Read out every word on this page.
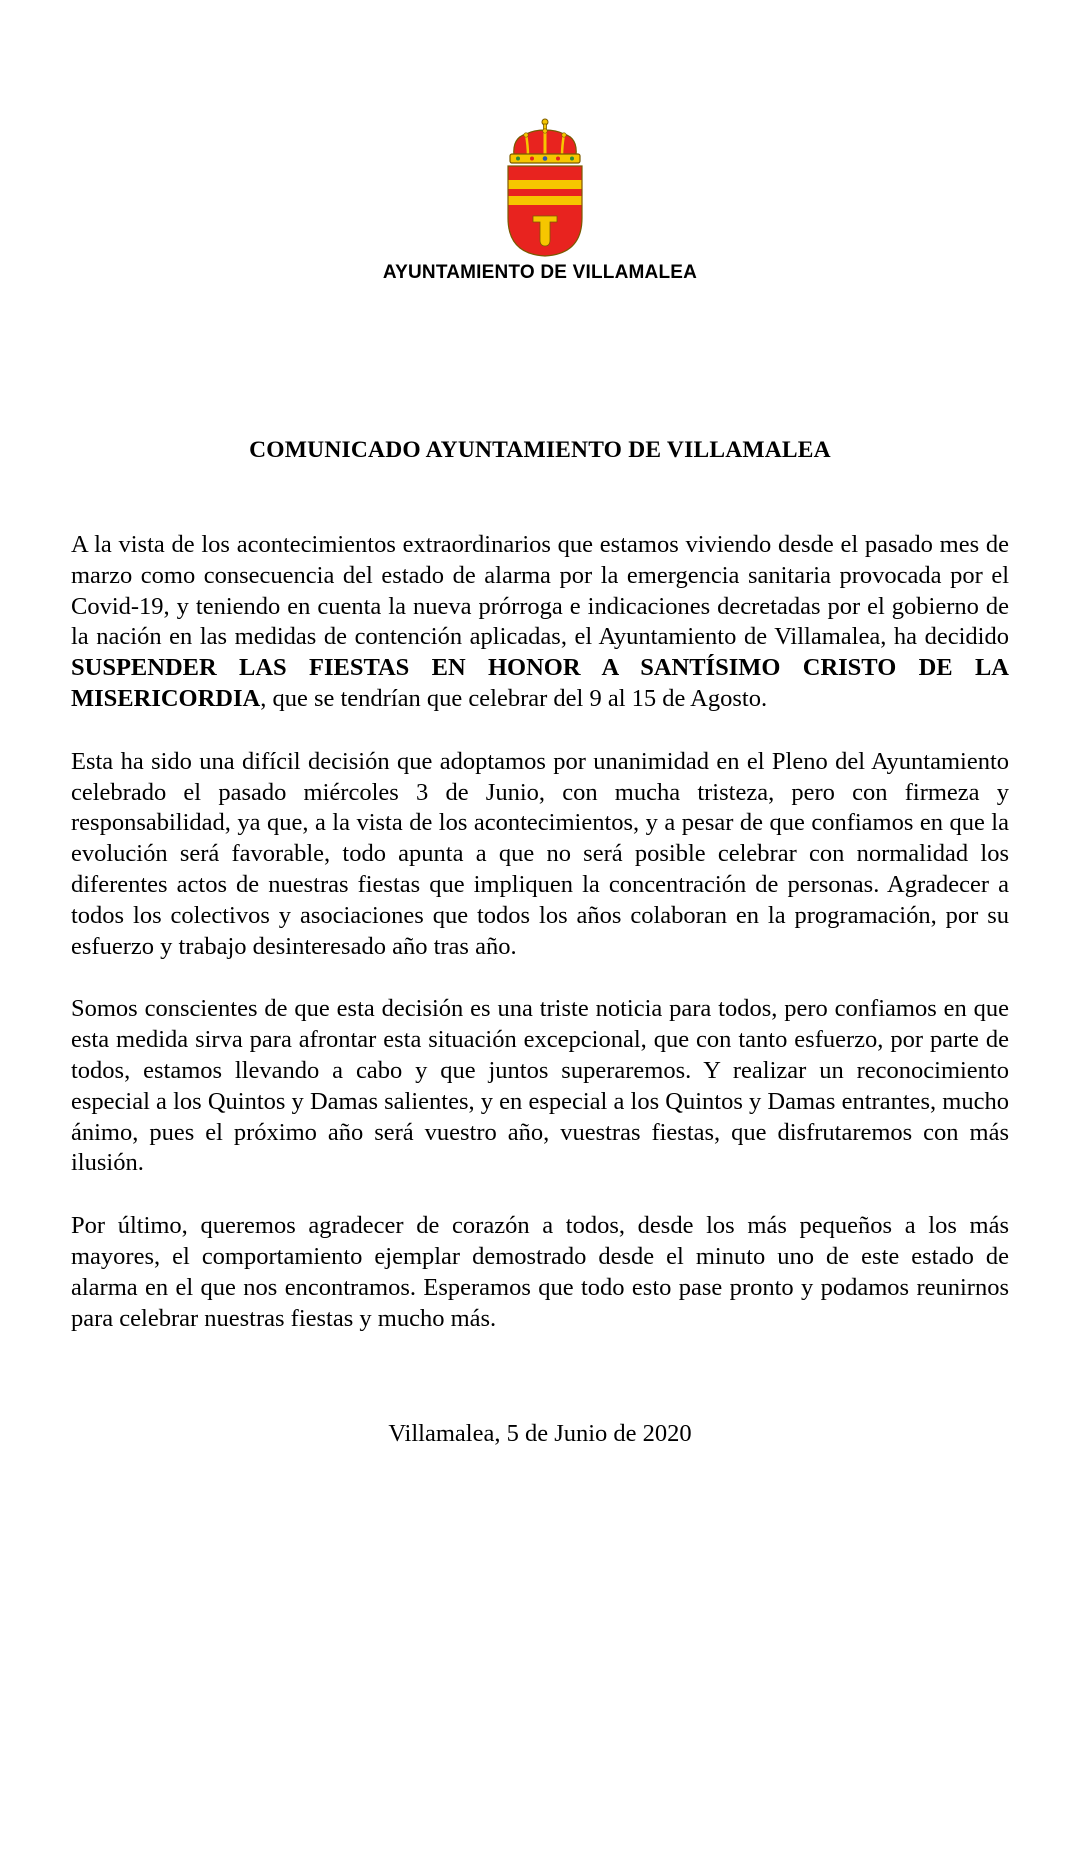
AYUNTAMIENTO DE VILLAMALEA
COMUNICADO AYUNTAMIENTO DE VILLAMALEA

A la vista de los acontecimientos extraordinarios que estamos viviendo desde el pasado mes de marzo como consecuencia del estado de alarma por la emergencia sanitaria provocada por el Covid-19, y teniendo en cuenta la nueva prórroga e indicaciones decretadas por el gobierno de la nación en las medidas de contención aplicadas, el Ayuntamiento de Villamalea, ha decidido SUSPENDER LAS FIESTAS EN HONOR A SANTÍSIMO CRISTO DE LA MISERICORDIA, que se tendrían que celebrar del 9 al 15 de Agosto.

Esta ha sido una difícil decisión que adoptamos por unanimidad en el Pleno del Ayuntamiento celebrado el pasado miércoles 3 de Junio, con mucha tristeza, pero con firmeza y responsabilidad, ya que, a la vista de los acontecimientos, y a pesar de que confiamos en que la evolución será favorable, todo apunta a que no será posible celebrar con normalidad los diferentes actos de nuestras fiestas que impliquen la concentración de personas. Agradecer a todos los colectivos y asociaciones que todos los años colaboran en la programación, por su esfuerzo y trabajo desinteresado año tras año.

Somos conscientes de que esta decisión es una triste noticia para todos, pero confiamos en que esta medida sirva para afrontar esta situación excepcional, que con tanto esfuerzo, por parte de todos, estamos llevando a cabo y que juntos superaremos. Y realizar un reconocimiento especial a los Quintos y Damas salientes, y en especial a los Quintos y Damas entrantes, mucho ánimo, pues el próximo año será vuestro año, vuestras fiestas, que disfrutaremos con más ilusión.

Por último, queremos agradecer de corazón a todos, desde los más pequeños a los más mayores, el comportamiento ejemplar demostrado desde el minuto uno de este estado de alarma en el que nos encontramos. Esperamos que todo esto pase pronto y podamos reunirnos para celebrar nuestras fiestas y mucho más.

Villamalea, 5 de Junio de 2020
